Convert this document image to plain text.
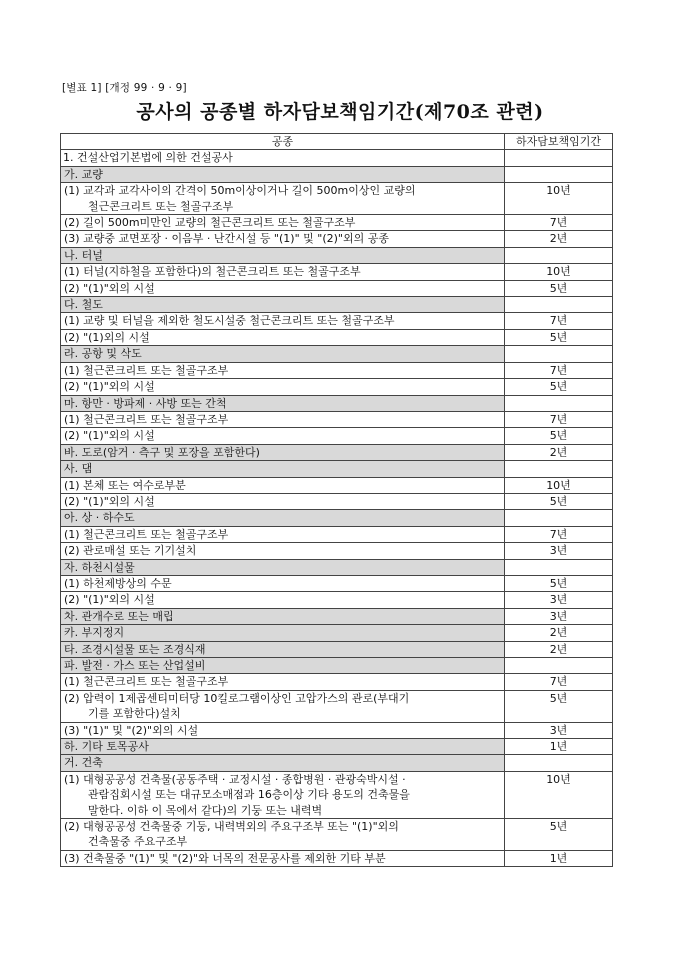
[별표 1] [개정 99 · 9 · 9]
공사의 공종별 하자담보책임기간(제70조 관련)
공종	하자담보책임기간
1. 건설산업기본법에 의한 건설공사	
가. 교량	
(1) 교각과 교각사이의 간격이 50m이상이거나 길이 500m이상인 교량의
철근콘크리트 또는 철골구조부	10년
(2) 길이 500m미만인 교량의 철근콘크리트 또는 철골구조부	7년
(3) 교량중 교면포장 · 이음부 · 난간시설 등 "(1)" 및 "(2)"외의 공종	2년
나. 터널	
(1) 터널(지하철을 포함한다)의 철근콘크리트 또는 철골구조부	10년
(2) "(1)"외의 시설	5년
다. 철도	
(1) 교량 및 터널을 제외한 철도시설중 철근콘크리트 또는 철골구조부	7년
(2) "(1)외의 시설	5년
라. 공항 및 삭도	
(1) 철근콘크리트 또는 철골구조부	7년
(2) "(1)"외의 시설	5년
마. 항만 · 방파제 · 사방 또는 간척	
(1) 철근콘크리트 또는 철골구조부	7년
(2) "(1)"외의 시설	5년
바. 도로(암거 · 측구 및 포장을 포함한다)	2년
사. 댐	
(1) 본체 또는 여수로부분	10년
(2) "(1)"외의 시설	5년
아. 상 · 하수도	
(1) 철근콘크리트 또는 철골구조부	7년
(2) 관로매설 또는 기기설치	3년
자. 하천시설물	
(1) 하천제방상의 수문	5년
(2) "(1)"외의 시설	3년
차. 관개수로 또는 매립	3년
카. 부지정지	2년
타. 조경시설물 또는 조경식재	2년
파. 발전 · 가스 또는 산업설비	
(1) 철근콘크리트 또는 철골구조부	7년
(2) 압력이 1제곱센티미터당 10킬로그램이상인 고압가스의 관로(부대기
기를 포함한다)설치	5년
(3) "(1)" 및 "(2)"외의 시설	3년
하. 기타 토목공사	1년
거. 건축	
(1) 대형공공성 건축물(공동주택 · 교정시설 · 종합병원 · 관광숙박시설 ·
관람집회시설 또는 대규모소매점과 16층이상 기타 용도의 건축물을
말한다. 이하 이 목에서 같다)의 기둥 또는 내력벽	10년
(2) 대형공공성 건축물중 기둥, 내력벽외의 주요구조부 또는 "(1)"외의
건축물중 주요구조부	5년
(3) 건축물중 "(1)" 및 "(2)"와 너목의 전문공사를 제외한 기타 부분	1년
